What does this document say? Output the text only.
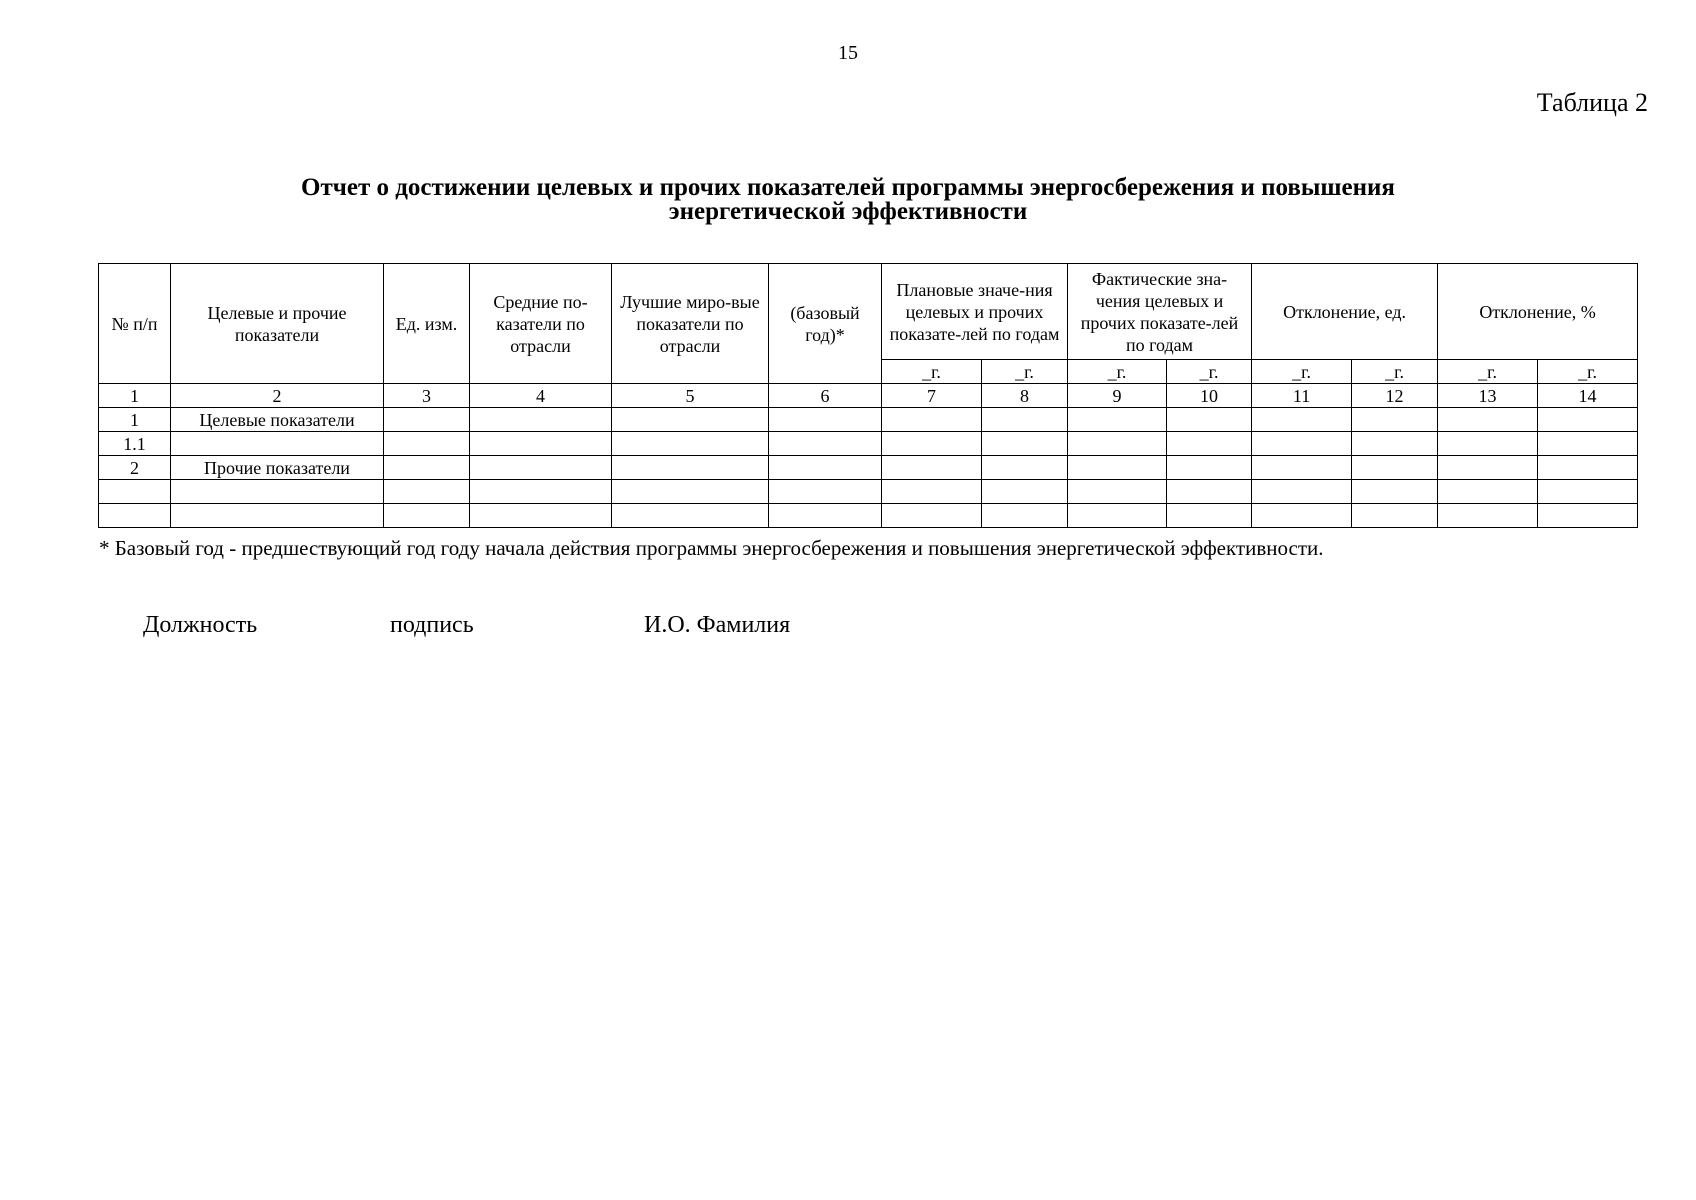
15
Таблица 2
Отчет о достижении целевых и прочих показателей программы энергосбережения и повышения
энергетической эффективности
№ п/п	Целевые и прочие показатели	Ед. изм.	Средние по-казатели по отрасли	Лучшие миро-вые показатели по отрасли	(базовый год)*	Плановые значе-ния целевых и прочих показате-лей по годам		Фактические зна-чения целевых и прочих показате-лей по годам		Отклонение, ед.		Отклонение, %	
						_г.	_г.	_г.	_г.	_г.	_г.	_г.	_г.
1	2	3	4	5	6	7	8	9	10	11	12	13	14
1	Целевые показатели												
1.1													
2	Прочие показатели												

* Базовый год - предшествующий год году начала действия программы энергосбережения и повышения энергетической эффективности.
Должность	подпись	И.О. Фамилия
